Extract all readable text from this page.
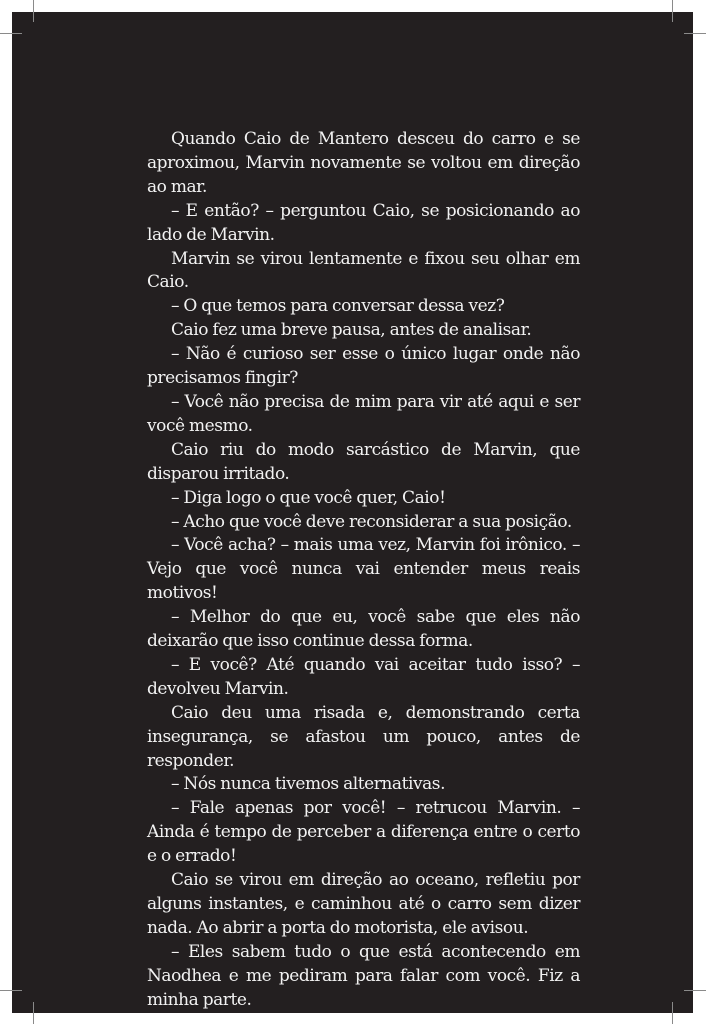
Quando Caio de Mantero desceu do carro e se aproximou, Marvin novamente se voltou em direção ao mar.

– E então? – perguntou Caio, se posicionando ao lado de Marvin.

Marvin se virou lentamente e fixou seu olhar em Caio.

– O que temos para conversar dessa vez?

Caio fez uma breve pausa, antes de analisar.

– Não é curioso ser esse o único lugar onde não precisamos fingir?

– Você não precisa de mim para vir até aqui e ser você mesmo.

Caio riu do modo sarcástico de Marvin, que disparou irritado.

– Diga logo o que você quer, Caio!

– Acho que você deve reconsiderar a sua posição.

– Você acha? – mais uma vez, Marvin foi irônico. – Vejo que você nunca vai entender meus reais motivos!

– Melhor do que eu, você sabe que eles não deixarão que isso continue dessa forma.

– E você? Até quando vai aceitar tudo isso? – devolveu Marvin.

Caio deu uma risada e, demonstrando certa insegurança, se afastou um pouco, antes de responder.

– Nós nunca tivemos alternativas.

– Fale apenas por você! – retrucou Marvin. – Ainda é tempo de perceber a diferença entre o certo e o errado!

Caio se virou em direção ao oceano, refletiu por alguns instantes, e caminhou até o carro sem dizer nada. Ao abrir a porta do motorista, ele avisou.

– Eles sabem tudo o que está acontecendo em Naodhea e me pediram para falar com você. Fiz a minha parte.
